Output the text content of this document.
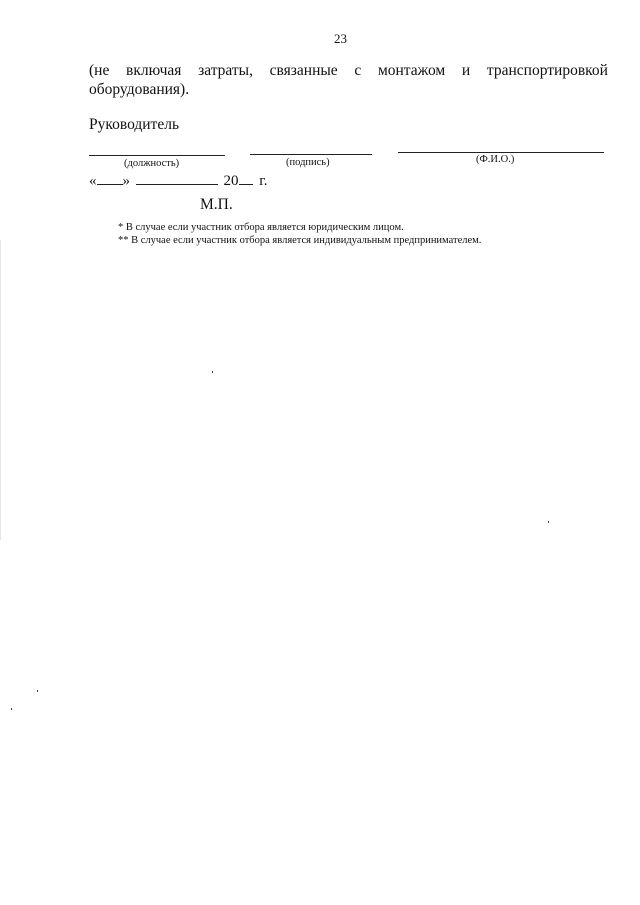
23
(не включая затраты, связанные с монтажом и транспортировкой
оборудования).
Руководитель
(должность)	(подпись)	(Ф.И.О.)
« »	20 г.
М.П.
* В случае если участник отбора является юридическим лицом.
** В случае если участник отбора является индивидуальным предпринимателем.
